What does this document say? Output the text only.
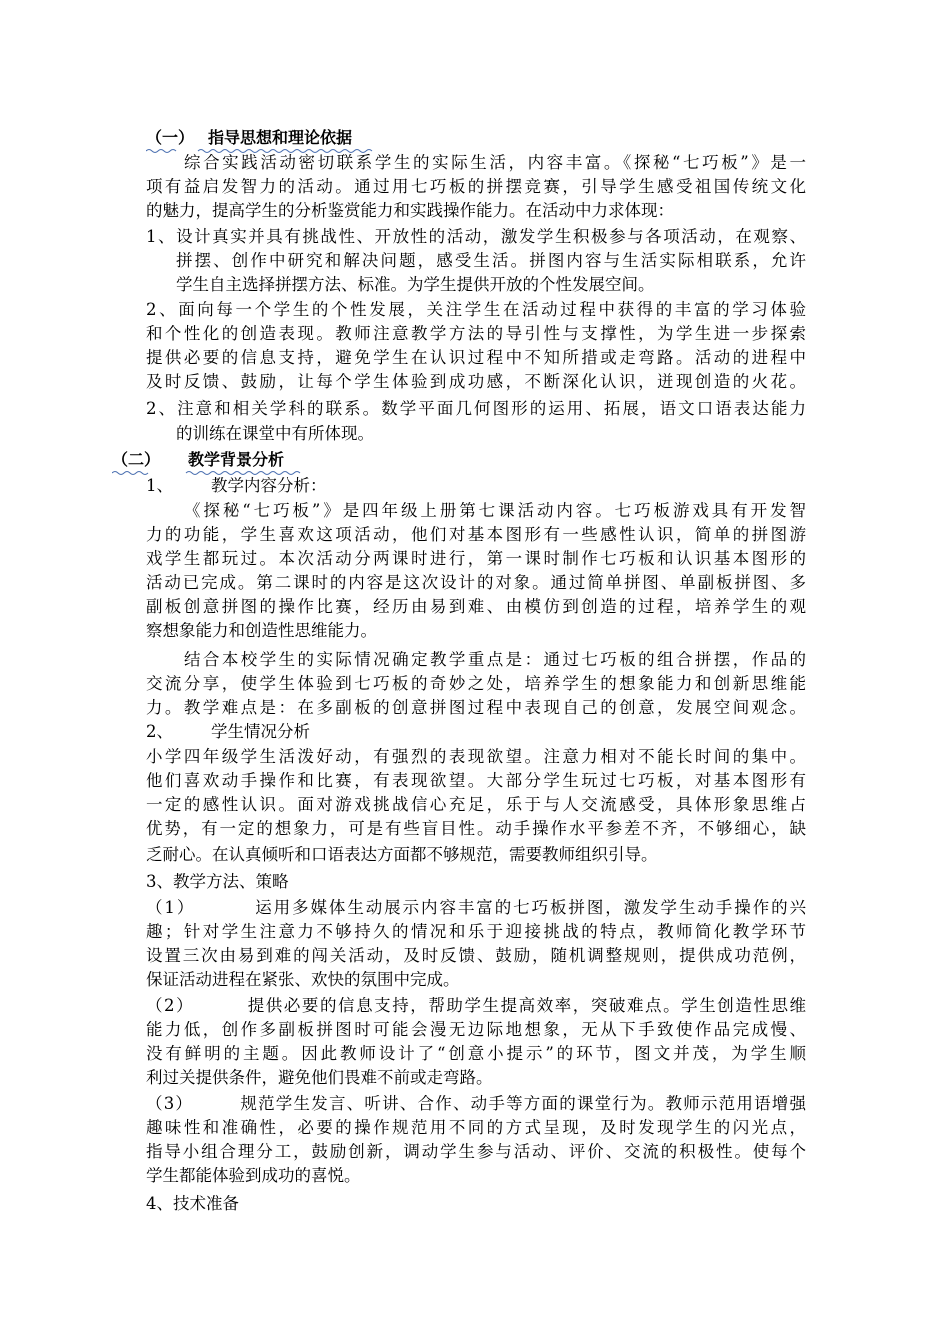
（一） 指导思想和理论依据
综合实践活动密切联系学生的实际生活，内容丰富。《探秘“七巧板”》是一
项有益启发智力的活动。通过用七巧板的拼摆竞赛，引导学生感受祖国传统文化
的魅力，提高学生的分析鉴赏能力和实践操作能力。在活动中力求体现：
1、设计真实并具有挑战性、开放性的活动，激发学生积极参与各项活动，在观察、
拼摆、创作中研究和解决问题，感受生活。拼图内容与生活实际相联系，允许
学生自主选择拼摆方法、标准。为学生提供开放的个性发展空间。
2、面向每一个学生的个性发展，关注学生在活动过程中获得的丰富的学习体验
和个性化的创造表现。教师注意教学方法的导引性与支撑性，为学生进一步探索
提供必要的信息支持，避免学生在认识过程中不知所措或走弯路。活动的进程中
及时反馈、鼓励，让每个学生体验到成功感，不断深化认识，迸现创造的火花。
2、注意和相关学科的联系。数学平面几何图形的运用、拓展，语文口语表达能力
的训练在课堂中有所体现。
（二） 教学背景分析
1、 教学内容分析：
《探秘“七巧板”》是四年级上册第七课活动内容。七巧板游戏具有开发智
力的功能，学生喜欢这项活动，他们对基本图形有一些感性认识，简单的拼图游
戏学生都玩过。本次活动分两课时进行，第一课时制作七巧板和认识基本图形的
活动已完成。第二课时的内容是这次设计的对象。通过简单拼图、单副板拼图、多
副板创意拼图的操作比赛，经历由易到难、由模仿到创造的过程，培养学生的观
察想象能力和创造性思维能力。
结合本校学生的实际情况确定教学重点是：通过七巧板的组合拼摆，作品的
交流分享，使学生体验到七巧板的奇妙之处，培养学生的想象能力和创新思维能
力。教学难点是：在多副板的创意拼图过程中表现自己的创意，发展空间观念。
2、 学生情况分析
小学四年级学生活泼好动，有强烈的表现欲望。注意力相对不能长时间的集中。
他们喜欢动手操作和比赛，有表现欲望。大部分学生玩过七巧板，对基本图形有
一定的感性认识。面对游戏挑战信心充足，乐于与人交流感受，具体形象思维占
优势，有一定的想象力，可是有些盲目性。动手操作水平参差不齐，不够细心，缺
乏耐心。在认真倾听和口语表达方面都不够规范，需要教师组织引导。
3、教学方法、策略
（1）	运用多媒体生动展示内容丰富的七巧板拼图，激发学生动手操作的兴
趣；针对学生注意力不够持久的情况和乐于迎接挑战的特点，教师简化教学环节
设置三次由易到难的闯关活动，及时反馈、鼓励，随机调整规则，提供成功范例，
保证活动进程在紧张、欢快的氛围中完成。
（2）	提供必要的信息支持，帮助学生提高效率，突破难点。学生创造性思维
能力低，创作多副板拼图时可能会漫无边际地想象，无从下手致使作品完成慢、
没有鲜明的主题。因此教师设计了“创意小提示”的环节，图文并茂，为学生顺
利过关提供条件，避免他们畏难不前或走弯路。
（3）	规范学生发言、听讲、合作、动手等方面的课堂行为。教师示范用语增强
趣味性和准确性，必要的操作规范用不同的方式呈现，及时发现学生的闪光点，
指导小组合理分工，鼓励创新，调动学生参与活动、评价、交流的积极性。使每个
学生都能体验到成功的喜悦。
4、技术准备
